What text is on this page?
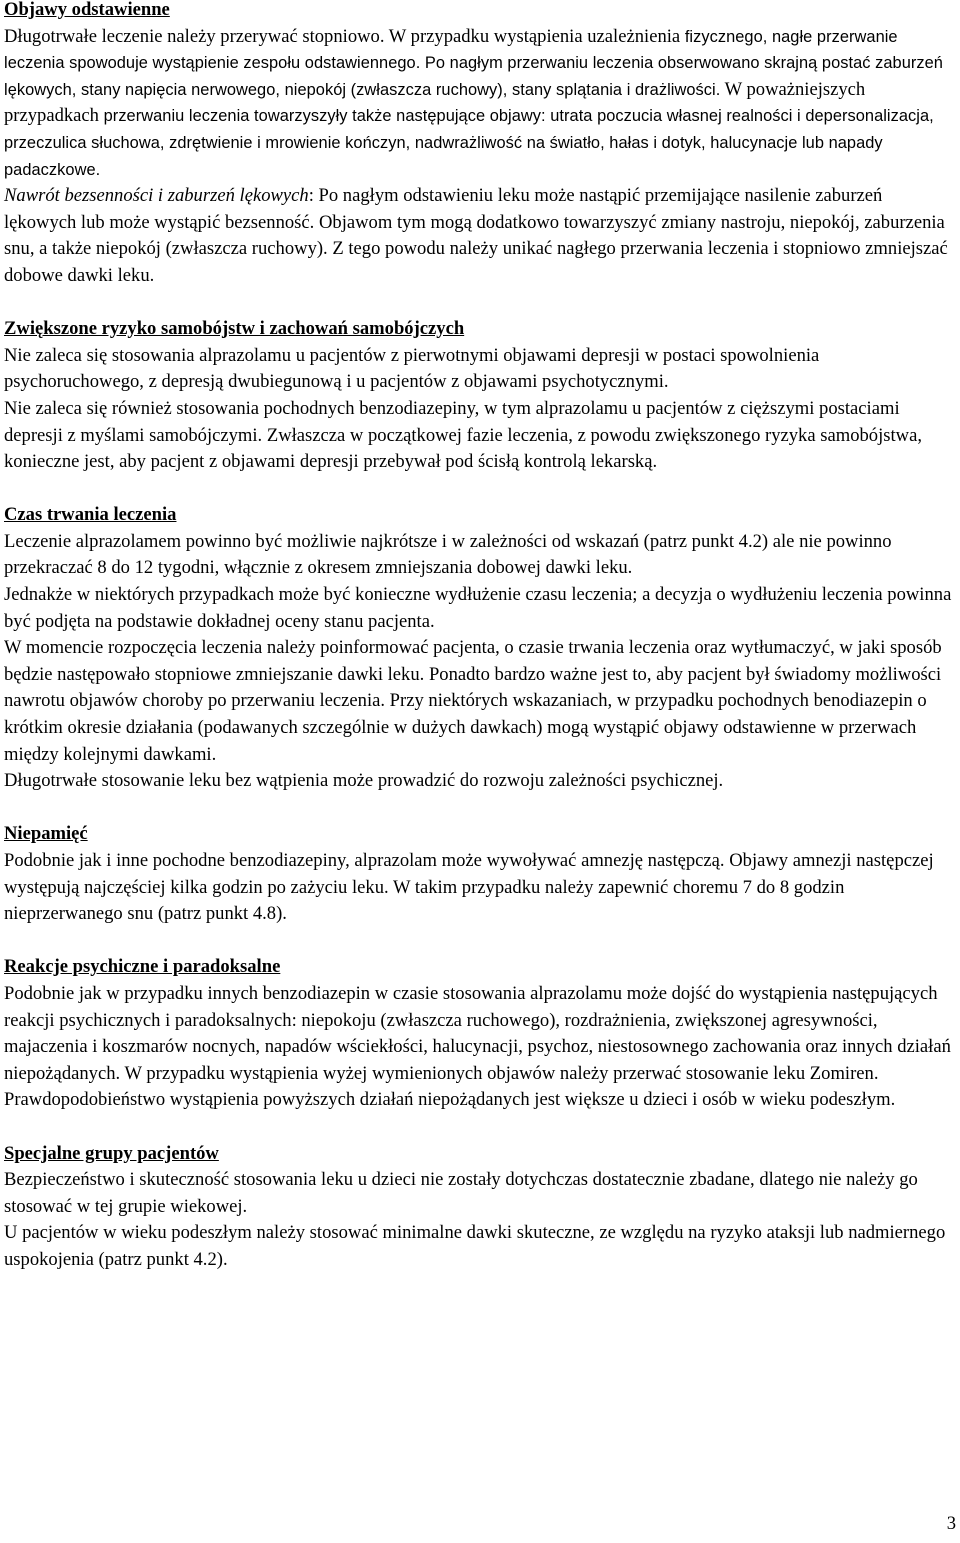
Objawy odstawienne
Długotrwałe leczenie należy przerywać stopniowo. W przypadku wystąpienia uzależnienia fizycznego, nagłe przerwanie leczenia spowoduje wystąpienie zespołu odstawiennego. Po nagłym przerwaniu leczenia obserwowano skrajną postać zaburzeń lękowych, stany napięcia nerwowego, niepokój (zwłaszcza ruchowy), stany splątania i drażliwości. W poważniejszych przypadkach przerwaniu leczenia towarzyszyły także następujące objawy: utrata poczucia własnej realności i depersonalizacja, przeczulica słuchowa, zdrętwienie i mrowienie kończyn, nadwrażliwość na światło, hałas i dotyk, halucynacje lub napady padaczkowe.
Nawrót bezsenności i zaburzeń lękowych: Po nagłym odstawieniu leku może nastąpić przemijające nasilenie zaburzeń lękowych lub może wystąpić bezsenność. Objawom tym mogą dodatkowo towarzyszyć zmiany nastroju, niepokój, zaburzenia snu, a także niepokój (zwłaszcza ruchowy). Z tego powodu należy unikać nagłego przerwania leczenia i stopniowo zmniejszać dobowe dawki leku.
Zwiększone ryzyko samobójstw i zachowań samobójczych
Nie zaleca się stosowania alprazolamu u pacjentów z pierwotnymi objawami depresji w postaci spowolnienia psychoruchowego, z depresją dwubiegunową i u pacjentów z objawami psychotycznymi.
Nie zaleca się również stosowania pochodnych benzodiazepiny, w tym alprazolamu u pacjentów z cięższymi postaciami depresji z myślami samobójczymi. Zwłaszcza w początkowej fazie leczenia, z powodu zwiększonego ryzyka samobójstwa, konieczne jest, aby pacjent z objawami depresji przebywał pod ścisłą kontrolą lekarską.
Czas trwania leczenia
Leczenie alprazolamem powinno być możliwie najkrótsze i w zależności od wskazań (patrz punkt 4.2) ale nie powinno przekraczać 8 do 12 tygodni, włącznie z okresem zmniejszania dobowej dawki leku.
Jednakże w niektórych przypadkach może być konieczne wydłużenie czasu leczenia; a decyzja o wydłużeniu leczenia powinna być podjęta na podstawie dokładnej oceny stanu pacjenta.
W momencie rozpoczęcia leczenia należy poinformować pacjenta, o czasie trwania leczenia oraz wytłumaczyć, w jaki sposób będzie następowało stopniowe zmniejszanie dawki leku. Ponadto bardzo ważne jest to, aby pacjent był świadomy możliwości nawrotu objawów choroby po przerwaniu leczenia. Przy niektórych wskazaniach, w przypadku pochodnych benodiazepin o krótkim okresie działania (podawanych szczególnie w dużych dawkach) mogą wystąpić objawy odstawienne w przerwach między kolejnymi dawkami.
Długotrwałe stosowanie leku bez wątpienia może prowadzić do rozwoju zależności psychicznej.
Niepamięć
Podobnie jak i inne pochodne benzodiazepiny, alprazolam może wywoływać amnezję następczą. Objawy amnezji następczej występują najczęściej kilka godzin po zażyciu leku. W takim przypadku należy zapewnić choremu 7 do 8 godzin nieprzerwanego snu (patrz punkt 4.8).
Reakcje psychiczne i paradoksalne
Podobnie jak w przypadku innych benzodiazepin w czasie stosowania alprazolamu może dojść do wystąpienia następujących reakcji psychicznych i paradoksalnych: niepokoju (zwłaszcza ruchowego), rozdrażnienia, zwiększonej agresywności, majaczenia i koszmarów nocnych, napadów wściekłości, halucynacji, psychoz, niestosownego zachowania oraz innych działań niepożądanych. W przypadku wystąpienia wyżej wymienionych objawów należy przerwać stosowanie leku Zomiren.
Prawdopodobieństwo wystąpienia powyższych działań niepożądanych jest większe u dzieci i osób w wieku podeszłym.
Specjalne grupy pacjentów
Bezpieczeństwo i skuteczność stosowania leku u dzieci nie zostały dotychczas dostatecznie zbadane, dlatego nie należy go stosować w tej grupie wiekowej.
U pacjentów w wieku podeszłym należy stosować minimalne dawki skuteczne, ze względu na ryzyko ataksji lub nadmiernego uspokojenia (patrz punkt 4.2).
3
